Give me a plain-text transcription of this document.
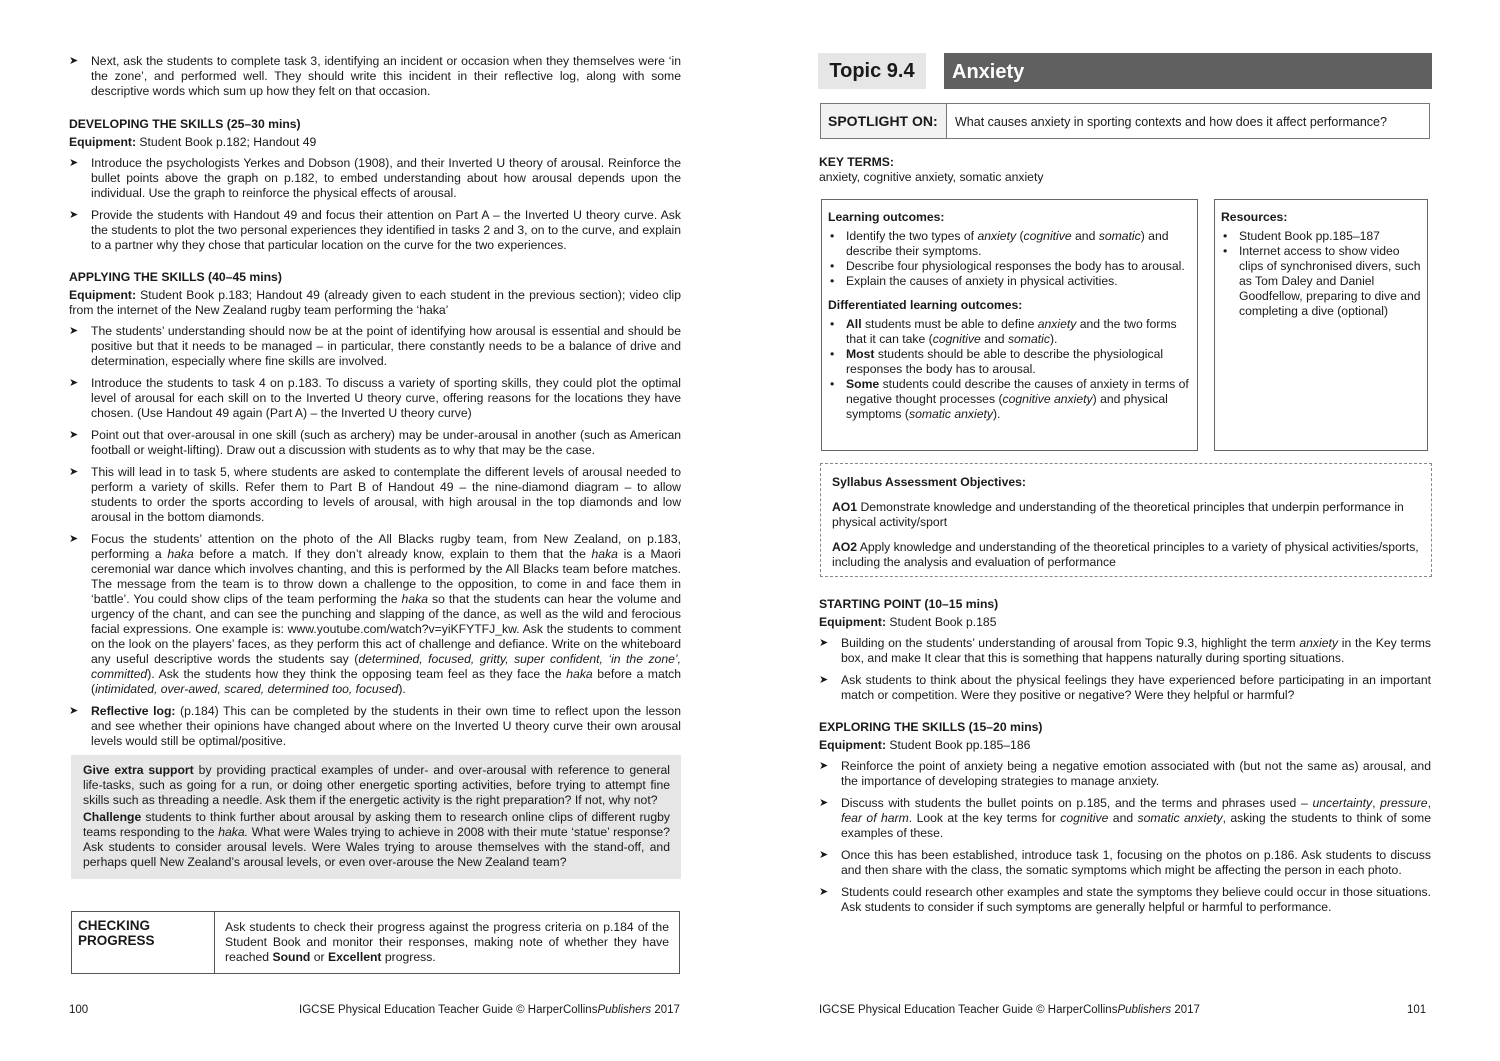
➤	Next, ask the students to complete task 3, identifying an incident or occasion when they themselves were ‘in the zone’, and performed well. They should write this incident in their reflective log, along with some descriptive words which sum up how they felt on that occasion.
DEVELOPING THE SKILLS (25–30 mins)

Equipment: Student Book p.182; Handout 49

➤	Introduce the psychologists Yerkes and Dobson (1908), and their Inverted U theory of arousal. Reinforce the bullet points above the graph on p.182, to embed understanding about how arousal depends upon the individual. Use the graph to reinforce the physical effects of arousal.
➤	Provide the students with Handout 49 and focus their attention on Part A – the Inverted U theory curve. Ask the students to plot the two personal experiences they identified in tasks 2 and 3, on to the curve, and explain to a partner why they chose that particular location on the curve for the two experiences.
APPLYING THE SKILLS (40–45 mins)

Equipment: Student Book p.183; Handout 49 (already given to each student in the previous section); video clip from the internet of the New Zealand rugby team performing the ‘haka’

➤	The students’ understanding should now be at the point of identifying how arousal is essential and should be positive but that it needs to be managed – in particular, there constantly needs to be a balance of drive and determination, especially where fine skills are involved.
➤	Introduce the students to task 4 on p.183. To discuss a variety of sporting skills, they could plot the optimal level of arousal for each skill on to the Inverted U theory curve, offering reasons for the locations they have chosen. (Use Handout 49 again (Part A) – the Inverted U theory curve)
➤	Point out that over-arousal in one skill (such as archery) may be under-arousal in another (such as American football or weight-lifting). Draw out a discussion with students as to why that may be the case.
➤	This will lead in to task 5, where students are asked to contemplate the different levels of arousal needed to perform a variety of skills. Refer them to Part B of Handout 49 – the nine-diamond diagram – to allow students to order the sports according to levels of arousal, with high arousal in the top diamonds and low arousal in the bottom diamonds.
➤	Focus the students’ attention on the photo of the All Blacks rugby team, from New Zealand, on p.183, performing a haka before a match. If they don’t already know, explain to them that the haka is a Maori ceremonial war dance which involves chanting, and this is performed by the All Blacks team before matches. The message from the team is to throw down a challenge to the opposition, to come in and face them in ‘battle’. You could show clips of the team performing the haka so that the students can hear the volume and urgency of the chant, and can see the punching and slapping of the dance, as well as the wild and ferocious facial expressions. One example is: www.youtube.com/watch?v=yiKFYTFJ_kw. Ask the students to comment on the look on the players’ faces, as they perform this act of challenge and defiance. Write on the whiteboard any useful descriptive words the students say (determined, focused, gritty, super confident, ‘in the zone’, committed). Ask the students how they think the opposing team feel as they face the haka before a match (intimidated, over-awed, scared, determined too, focused).
➤	Reflective log: (p.184) This can be completed by the students in their own time to reflect upon the lesson and see whether their opinions have changed about where on the Inverted U theory curve their own arousal levels would still be optimal/positive.

Give extra support by providing practical examples of under- and over-arousal with reference to general life-tasks, such as going for a run, or doing other energetic sporting activities, before trying to attempt fine skills such as threading a needle. Ask them if the energetic activity is the right preparation? If not, why not?

Challenge students to think further about arousal by asking them to research online clips of different rugby teams responding to the haka. What were Wales trying to achieve in 2008 with their mute ‘statue’ response? Ask students to consider arousal levels. Were Wales trying to arouse themselves with the stand-off, and perhaps quell New Zealand’s arousal levels, or even over-arouse the New Zealand team?

CHECKING
PROGRESS
Ask students to check their progress against the progress criteria on p.184 of the Student Book and monitor their responses, making note of whether they have reached Sound or Excellent progress.
100	IGCSE Physical Education Teacher Guide © HarperCollinsPublishers 2017
Topic 9.4	Anxiety
SPOTLIGHT ON:	What causes anxiety in sporting contexts and how does it affect performance?
KEY TERMS:

anxiety, cognitive anxiety, somatic anxiety

Learning outcomes:
• Identify the two types of anxiety (cognitive and somatic) and describe their symptoms.
• Describe four physiological responses the body has to arousal.
• Explain the causes of anxiety in physical activities.
Differentiated learning outcomes:
• All students must be able to define anxiety and the two forms that it can take (cognitive and somatic).
• Most students should be able to describe the physiological responses the body has to arousal.
• Some students could describe the causes of anxiety in terms of negative thought processes (cognitive anxiety) and physical symptoms (somatic anxiety).
Resources:
• Student Book pp.185–187
• Internet access to show video clips of synchronised divers, such as Tom Daley and Daniel Goodfellow, preparing to dive and completing a dive (optional)
Syllabus Assessment Objectives:

AO1 Demonstrate knowledge and understanding of the theoretical principles that underpin performance in physical activity/sport

AO2 Apply knowledge and understanding of the theoretical principles to a variety of physical activities/sports, including the analysis and evaluation of performance

STARTING POINT (10–15 mins)

Equipment: Student Book p.185

➤	Building on the students’ understanding of arousal from Topic 9.3, highlight the term anxiety in the Key terms box, and make It clear that this is something that happens naturally during sporting situations.
➤	Ask students to think about the physical feelings they have experienced before participating in an important match or competition. Were they positive or negative? Were they helpful or harmful?
EXPLORING THE SKILLS (15–20 mins)

Equipment: Student Book pp.185–186

➤	Reinforce the point of anxiety being a negative emotion associated with (but not the same as) arousal, and the importance of developing strategies to manage anxiety.
➤	Discuss with students the bullet points on p.185, and the terms and phrases used – uncertainty, pressure, fear of harm. Look at the key terms for cognitive and somatic anxiety, asking the students to think of some examples of these.
➤	Once this has been established, introduce task 1, focusing on the photos on p.186. Ask students to discuss and then share with the class, the somatic symptoms which might be affecting the person in each photo.
➤	Students could research other examples and state the symptoms they believe could occur in those situations. Ask students to consider if such symptoms are generally helpful or harmful to performance.
IGCSE Physical Education Teacher Guide © HarperCollinsPublishers 2017	101
